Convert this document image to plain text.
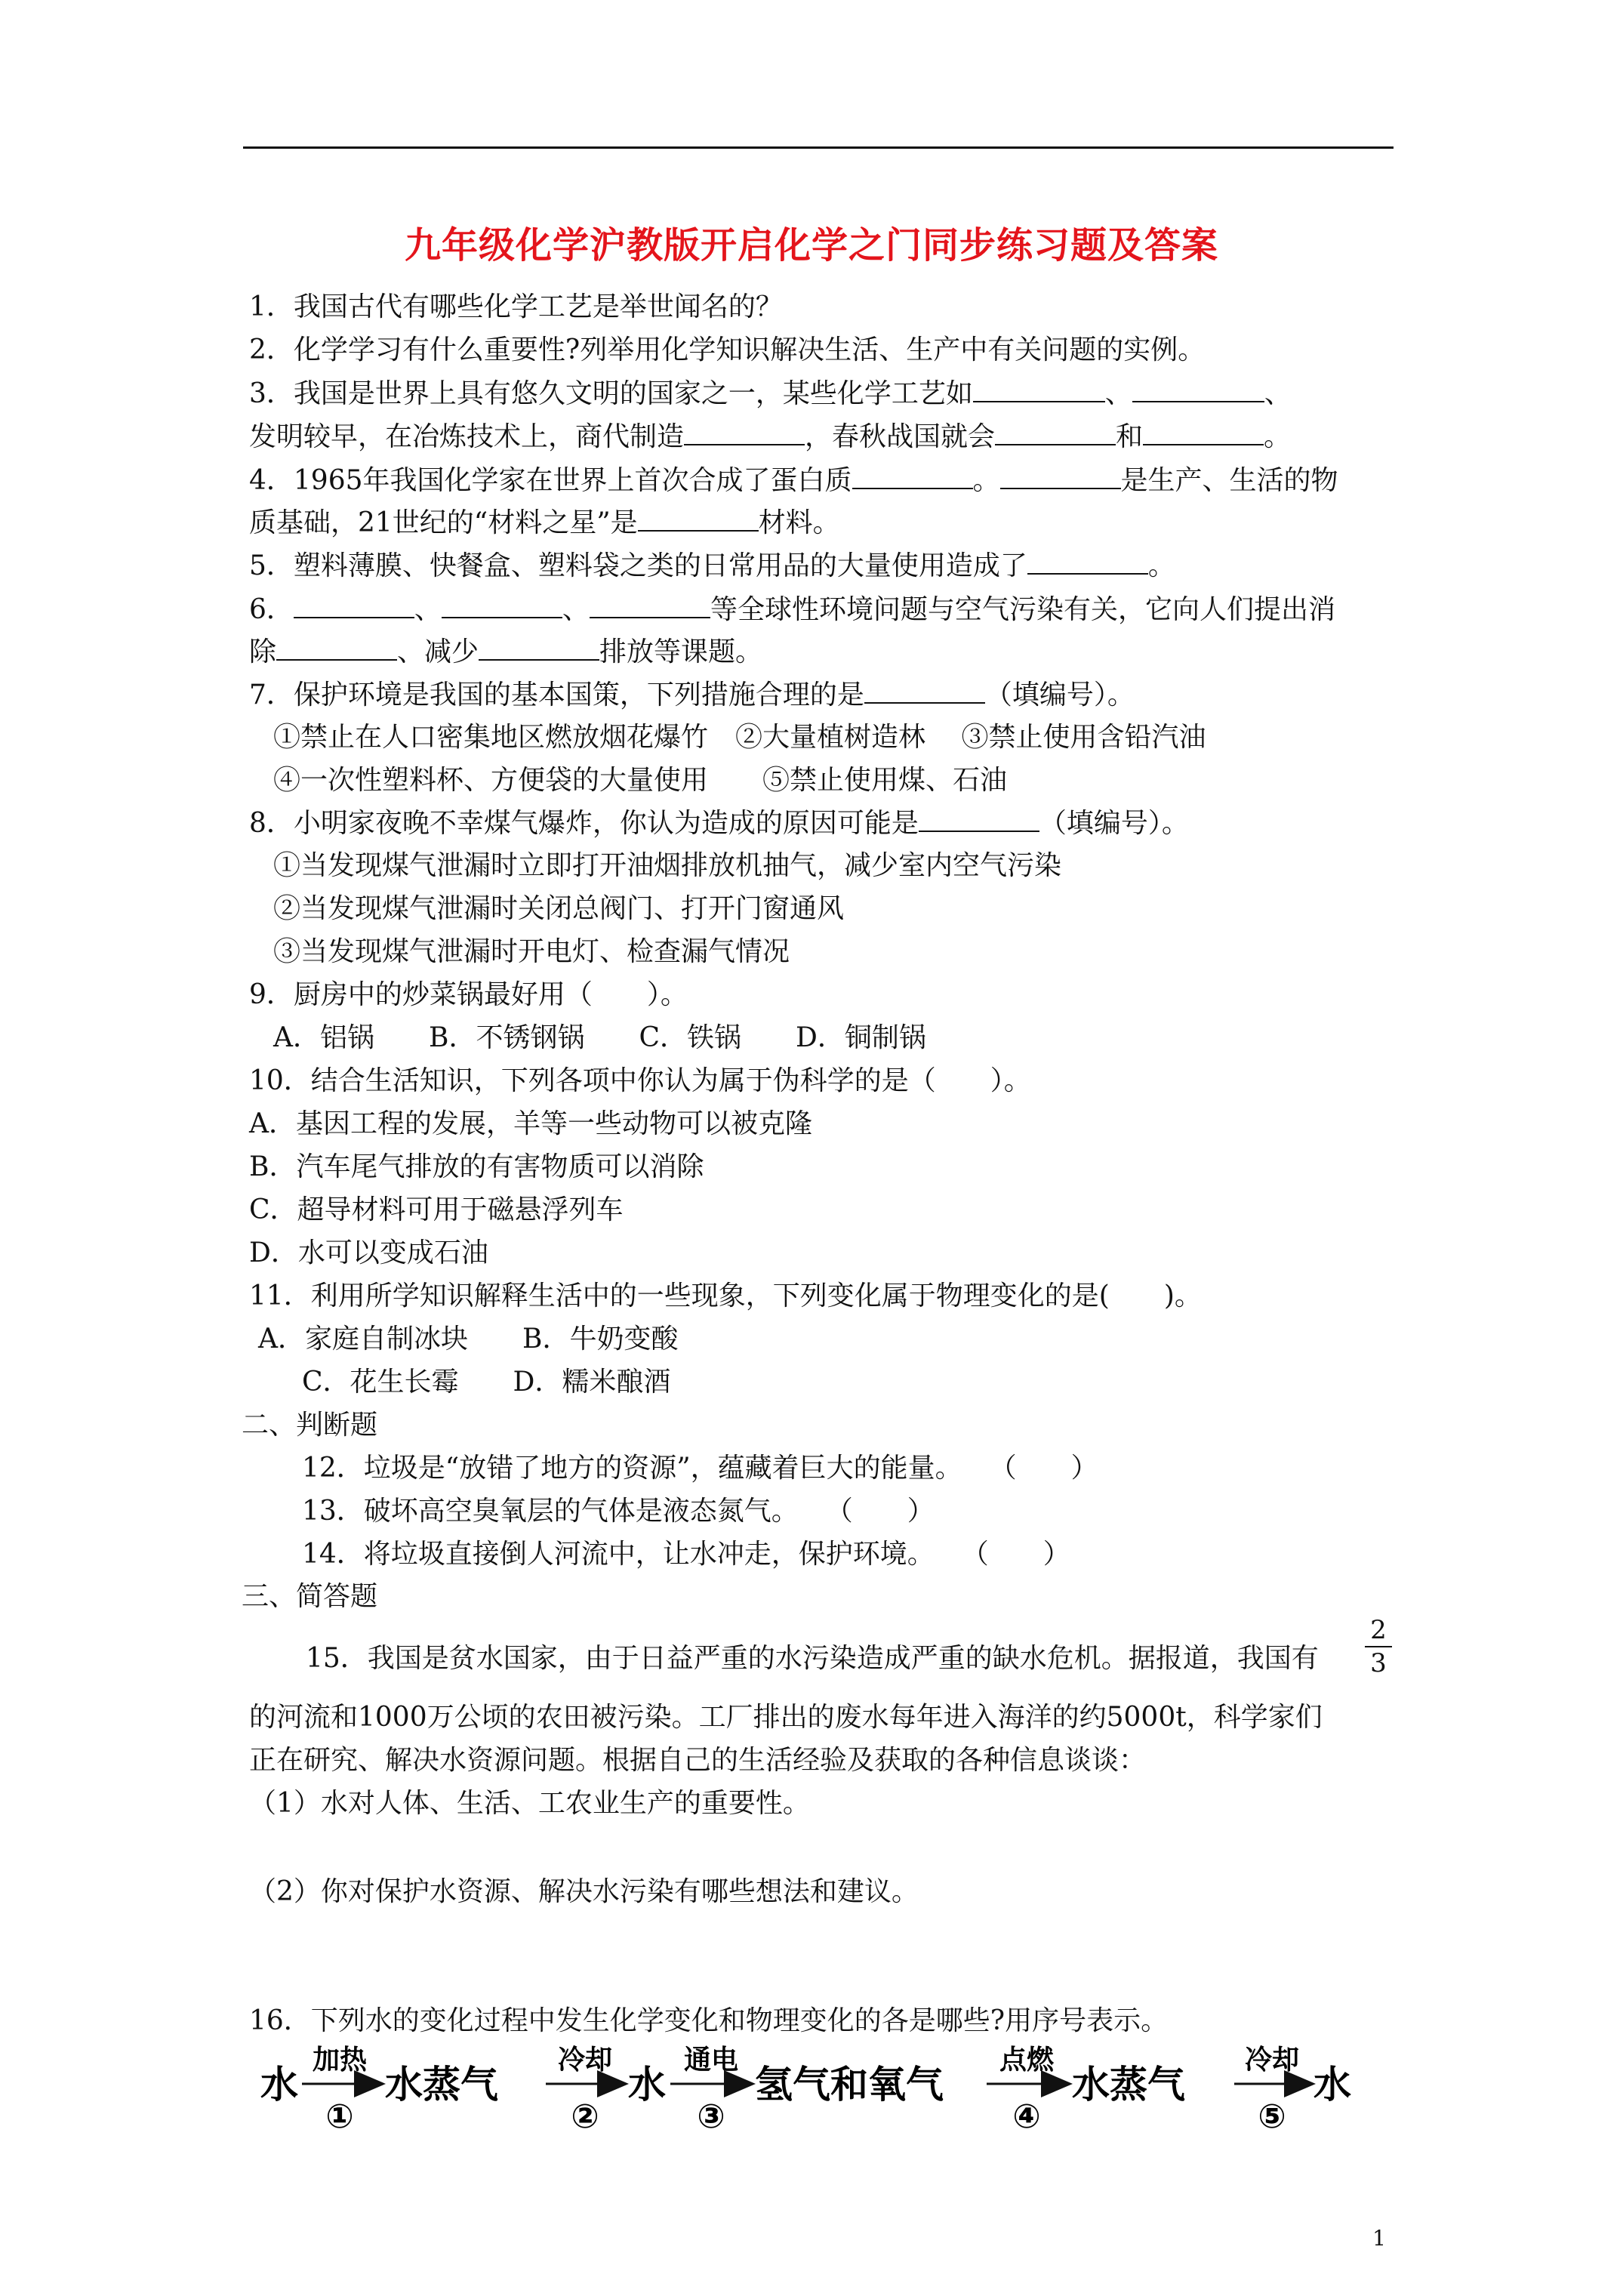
九年级化学沪教版开启化学之门同步练习题及答案
1．我国古代有哪些化学工艺是举世闻名的？
2．化学学习有什么重要性?列举用化学知识解决生活、生产中有关问题的实例。
3．我国是世界上具有悠久文明的国家之一，某些化学工艺如	、	、
发明较早，在冶炼技术上，商代制造	，春秋战国就会	和	。
4．1965年我国化学家在世界上首次合成了蛋白质	。	是生产、生活的物
质基础，21世纪的“材料之星”是	材料。
5．塑料薄膜、快餐盒、塑料袋之类的日常用品的大量使用造成了	。
6．	、	、	等全球性环境问题与空气污染有关，它向人们提出消
除	、减少	排放等课题。
7．保护环境是我国的基本国策，下列措施合理的是	（填编号）。
①禁止在人口密集地区燃放烟花爆竹　②大量植树造林　 ③禁止使用含铅汽油
④一次性塑料杯、方便袋的大量使用　　⑤禁止使用煤、石油
8．小明家夜晚不幸煤气爆炸，你认为造成的原因可能是	（填编号）。
①当发现煤气泄漏时立即打开油烟排放机抽气，减少室内空气污染
②当发现煤气泄漏时关闭总阀门、打开门窗通风
③当发现煤气泄漏时开电灯、检查漏气情况
9．厨房中的炒菜锅最好用（　　）。
A．铝锅　　B．不锈钢锅　　C．铁锅　　D．铜制锅
10．结合生活知识，下列各项中你认为属于伪科学的是（　　）。
A．基因工程的发展，羊等一些动物可以被克隆
B．汽车尾气排放的有害物质可以消除
C．超导材料可用于磁悬浮列车
D．水可以变成石油
11．利用所学知识解释生活中的一些现象，下列变化属于物理变化的是(　　)。
A．家庭自制冰块　　B．牛奶变酸
C．花生长霉　　D．糯米酿酒
二、判断题
12．垃圾是“放错了地方的资源”，蕴藏着巨大的能量。　　（　　）
13．破坏高空臭氧层的气体是液态氮气。　　（　　）
14．将垃圾直接倒人河流中，让水冲走，保护环境。　　（　　）
三、简答题
15．我国是贫水国家，由于日益严重的水污染造成严重的缺水危机。据报道，我国有
的河流和1000万公顷的农田被污染。工厂排出的废水每年进入海洋的约5000t，科学家们
正在研究、解决水资源问题。根据自己的生活经验及获取的各种信息谈谈：
（1）水对人体、生活、工农业生产的重要性。
（2）你对保护水资源、解决水污染有哪些想法和建议。
16．下列水的变化过程中发生化学变化和物理变化的各是哪些?用序号表示。
2
3
水 水蒸气	水 氢气和氧气	水蒸气	水
加热	冷却	通电	点燃	冷却
①	②	③	④	⑤
1
